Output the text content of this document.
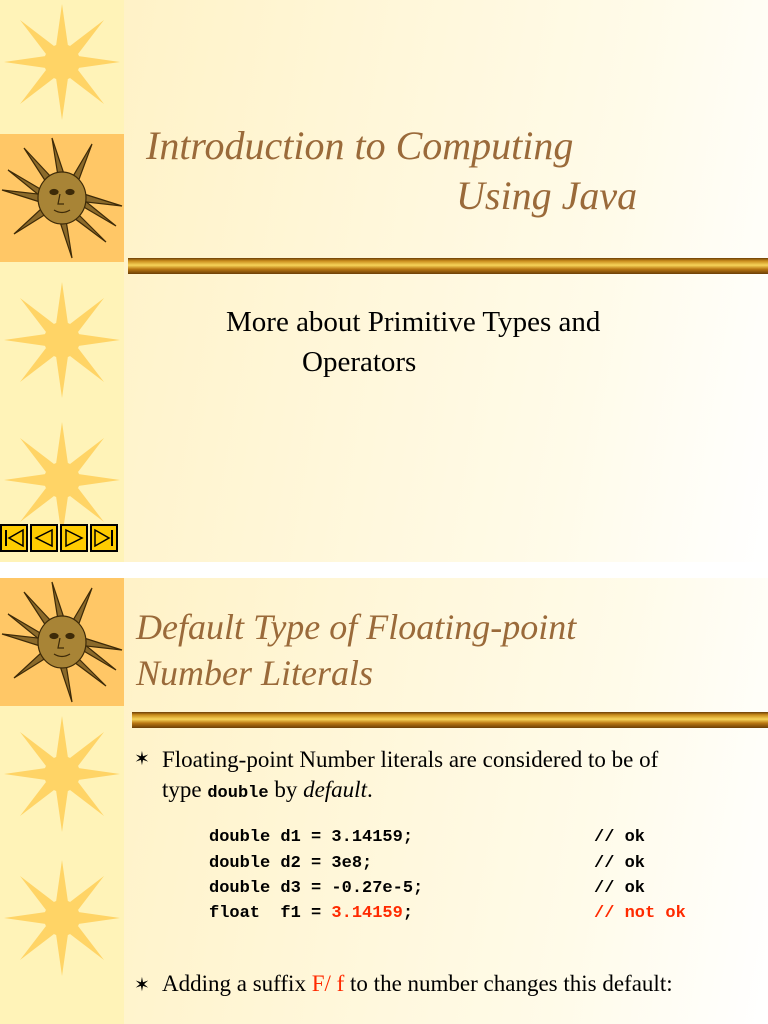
Introduction to Computing
Using Java
More about Primitive Types and
Operators
Default Type of Floating-point
Number Literals
✶ Floating-point Number literals are considered to be of
type double by default.
double d1 = 3.14159;	// ok
double d2 = 3e8;	// ok
double d3 = -0.27e-5;	// ok
float  f1 = 3.14159;	// not ok
✶ Adding a suffix F/ f to the number changes this default:
